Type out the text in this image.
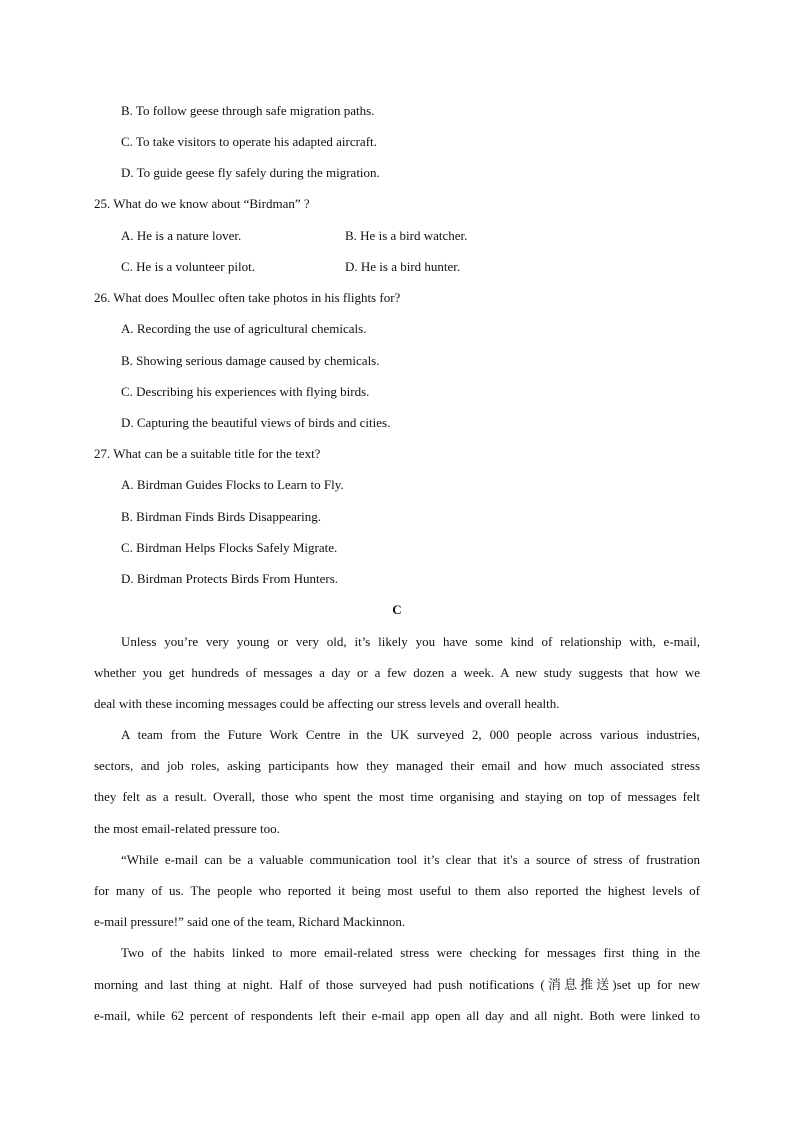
B. To follow geese through safe migration paths.
C. To take visitors to operate his adapted aircraft.
D. To guide geese fly safely during the migration.
25. What do we know about “Birdman” ?
A. He is a nature lover.	B. He is a bird watcher.
C. He is a volunteer pilot.	D. He is a bird hunter.
26. What does Moullec often take photos in his flights for?
A. Recording the use of agricultural chemicals.
B. Showing serious damage caused by chemicals.
C. Describing his experiences with flying birds.
D. Capturing the beautiful views of birds and cities.
27. What can be a suitable title for the text?
A. Birdman Guides Flocks to Learn to Fly.
B. Birdman Finds Birds Disappearing.
C. Birdman Helps Flocks Safely Migrate.
D. Birdman Protects Birds From Hunters.
C
Unless you’re very young or very old, it’s likely you have some kind of relationship with, e-mail,
whether you get hundreds of messages a day or a few dozen a week. A new study suggests that how we
deal with these incoming messages could be affecting our stress levels and overall health.
A team from the Future Work Centre in the UK surveyed 2, 000 people across various industries,
sectors, and job roles, asking participants how they managed their email and how much associated stress
they felt as a result. Overall, those who spent the most time organising and staying on top of messages felt
the most email-related pressure too.
“While e-mail can be a valuable communication tool it’s clear that it's a source of stress of frustration
for many of us. The people who reported it being most useful to them also reported the highest levels of
e-mail pressure!” said one of the team, Richard Mackinnon.
Two of the habits linked to more email-related stress were checking for messages first thing in the
morning and last thing at night. Half of those surveyed had push notifications (消息推送)set up for new
e-mail, while 62 percent of respondents left their e-mail app open all day and all night. Both were linked to
